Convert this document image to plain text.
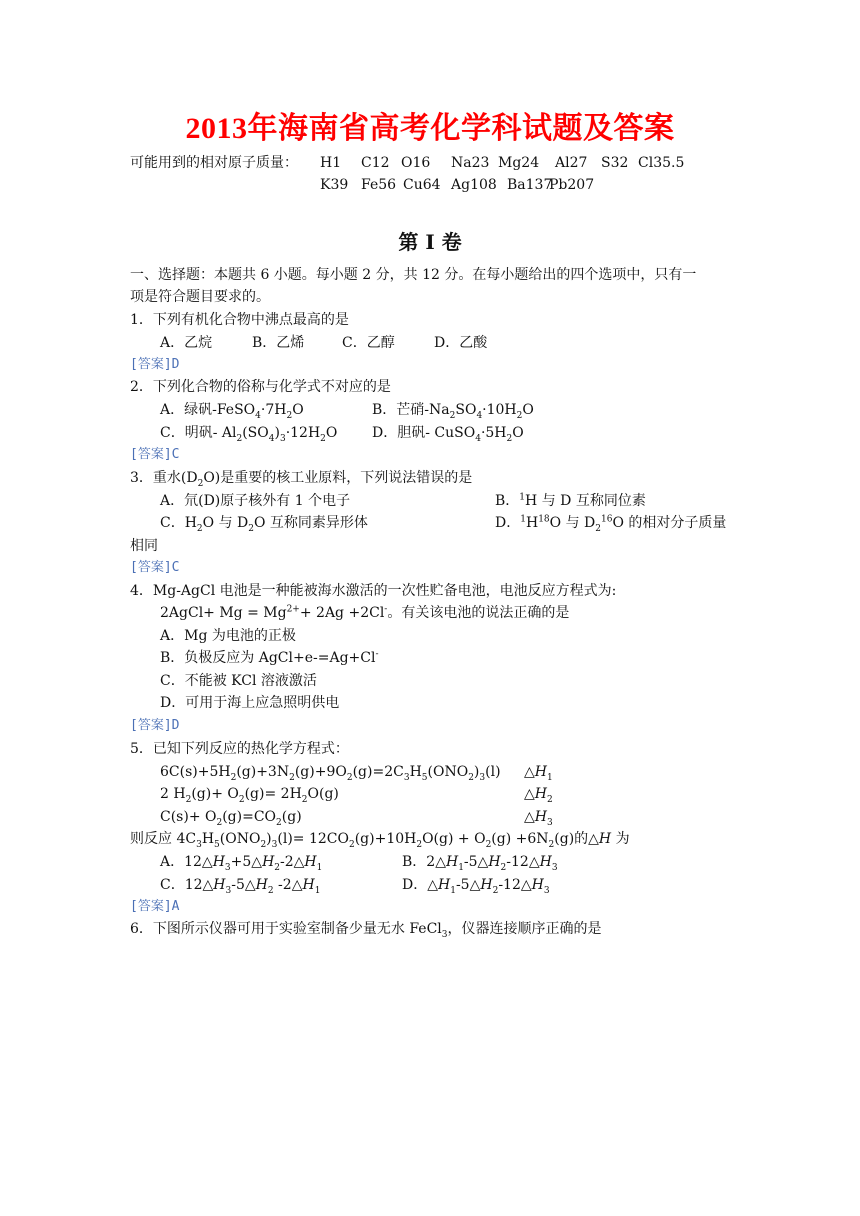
2013年海南省高考化学科试题及答案
可能用到的相对原子质量： H1 C12 O16 Na23 Mg24 Al27 S32 Cl35.5
K39 Fe56 Cu64 Ag108 Ba137
Pb207
第 I 卷
一、选择题：本题共 6 小题。每小题 2 分，共 12 分。在每小题给出的四个选项中，只有一
项是符合题目要求的。
1．下列有机化合物中沸点最高的是
A．乙烷	B．乙烯	C．乙醇	D．乙酸
[答案]D
2．下列化合物的俗称与化学式不对应的是
A．绿矾$-FeSO_4\cdot 7H_2O$	B．芒硝$-Na_2SO_4\cdot 10H_2O$
C．明矾- $Al_2(SO_4)_3\cdot 12H_2O$ D．胆矾- $CuSO_4\cdot 5H_2O$
[答案]C
3．重水$(D_2O)$是重要的核工业原料，下列说法错误的是
A．氘(D)原子核外有 1 个电子	B．$^1$H 与 D 互称同位素
C．$H_2O$ 与 $D_2O$ 互称同素异形体	D．$^1H^{18}O$ 与 $D_2^{16}O$ 的相对分子质量
相同
[答案]C
4．Mg-AgCl 电池是一种能被海水激活的一次性贮备电池，电池反应方程式为:
2AgCl+ $Mg = Mg^{2+}+ 2Ag +2Cl^-$。有关该电池的说法正确的是
A．Mg 为电池的正极
B．负极反应为 AgCl+e-=Ag+Cl-
C．不能被 KCl 溶液激活
D．可用于海上应急照明供电
[答案]D
5．已知下列反应的热化学方程式：
$6C(s)+5H_2(g)+3N_2(g)+9O_2(g)=2C_3H_5(ONO_2)_3(l)$ $\triangle H_1$
2 $H_2(g)+ O_2(g)= 2H_2O(g)$	$\triangle H_2$
$C(s)+ O_2(g)=CO_2(g)$	$\triangle H_3$
则反应 $4C_3H_5(ONO_2)_3(l)= 12CO_2(g)+10H_2O(g) + O_2(g) +6N_2(g)$的△H 为
A．$12\triangle H_3+5\triangle H_2-2\triangle H_1$	B．$2\triangle H_1-5\triangle H_2-12\triangle H_3$
C．$12\triangle H_3-5\triangle H_2$ $-2\triangle H_1$	D．$\triangle H_1-5\triangle H_2-12\triangle H_3$
[答案]A
6．下图所示仪器可用于实验室制备少量无水 FeCl$_3$，仪器连接顺序正确的是
